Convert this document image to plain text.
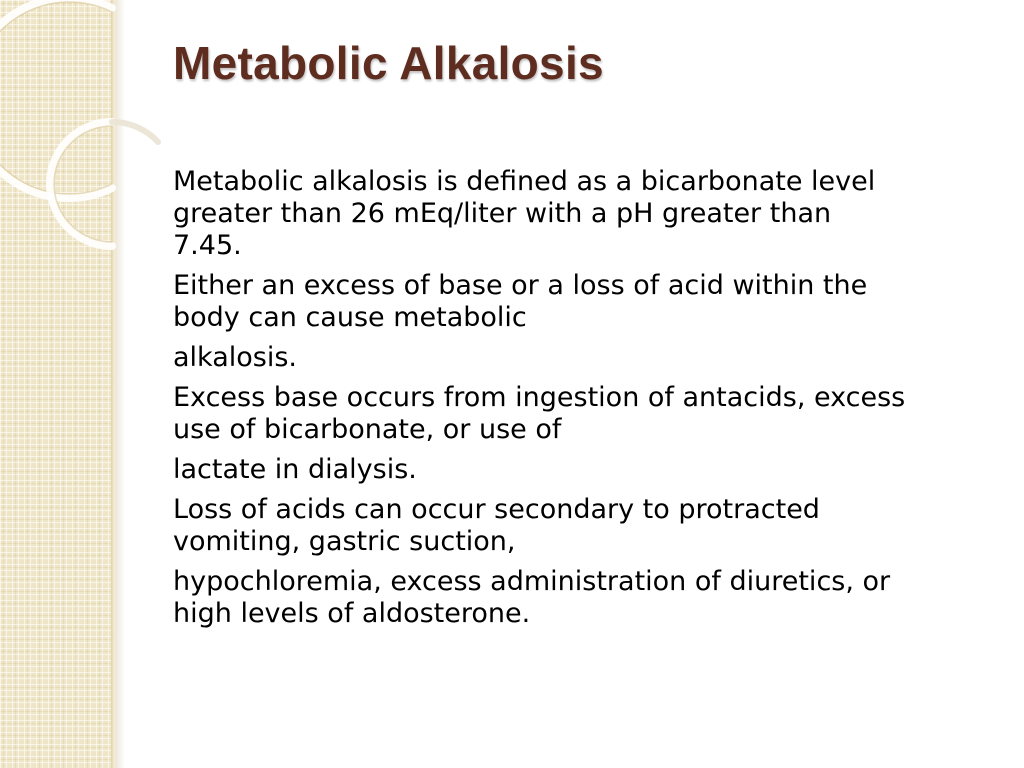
Metabolic Alkalosis

Metabolic alkalosis is defined as a bicarbonate level
greater than 26 mEq/liter with a pH greater than
7.45.

Either an excess of base or a loss of acid within the
body can cause metabolic

alkalosis.

Excess base occurs from ingestion of antacids, excess
use of bicarbonate, or use of

lactate in dialysis.

Loss of acids can occur secondary to protracted
vomiting, gastric suction,

hypochloremia, excess administration of diuretics, or
high levels of aldosterone.
